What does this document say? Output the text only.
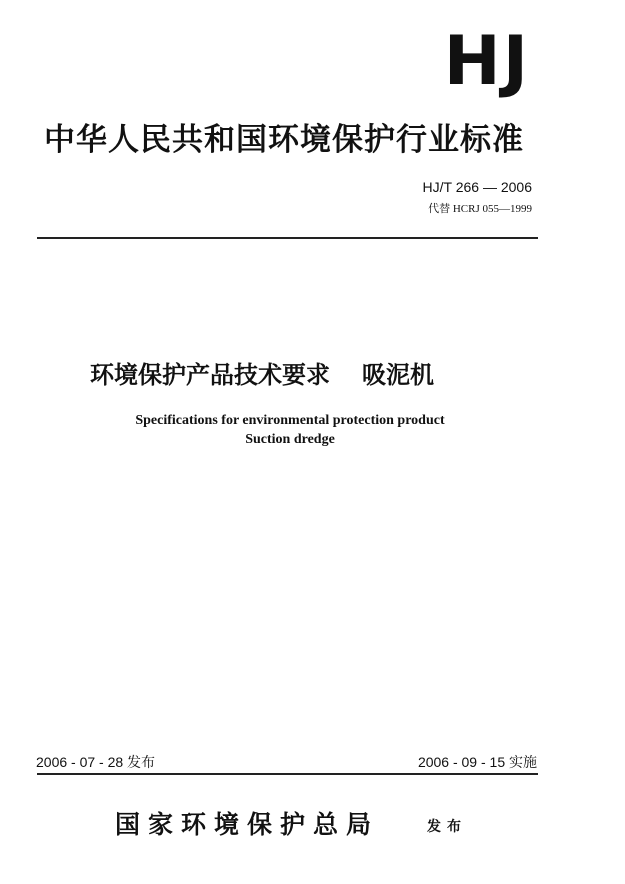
HJ
中华人民共和国环境保护行业标准
HJ/T 266 — 2006
代替 HCRJ 055—1999
环境保护产品技术要求 吸泥机
Specifications for environmental protection product
Suction dredge
2006 - 07 - 28 发布	2006 - 09 - 15 实施
国家环境保护总局	发布
